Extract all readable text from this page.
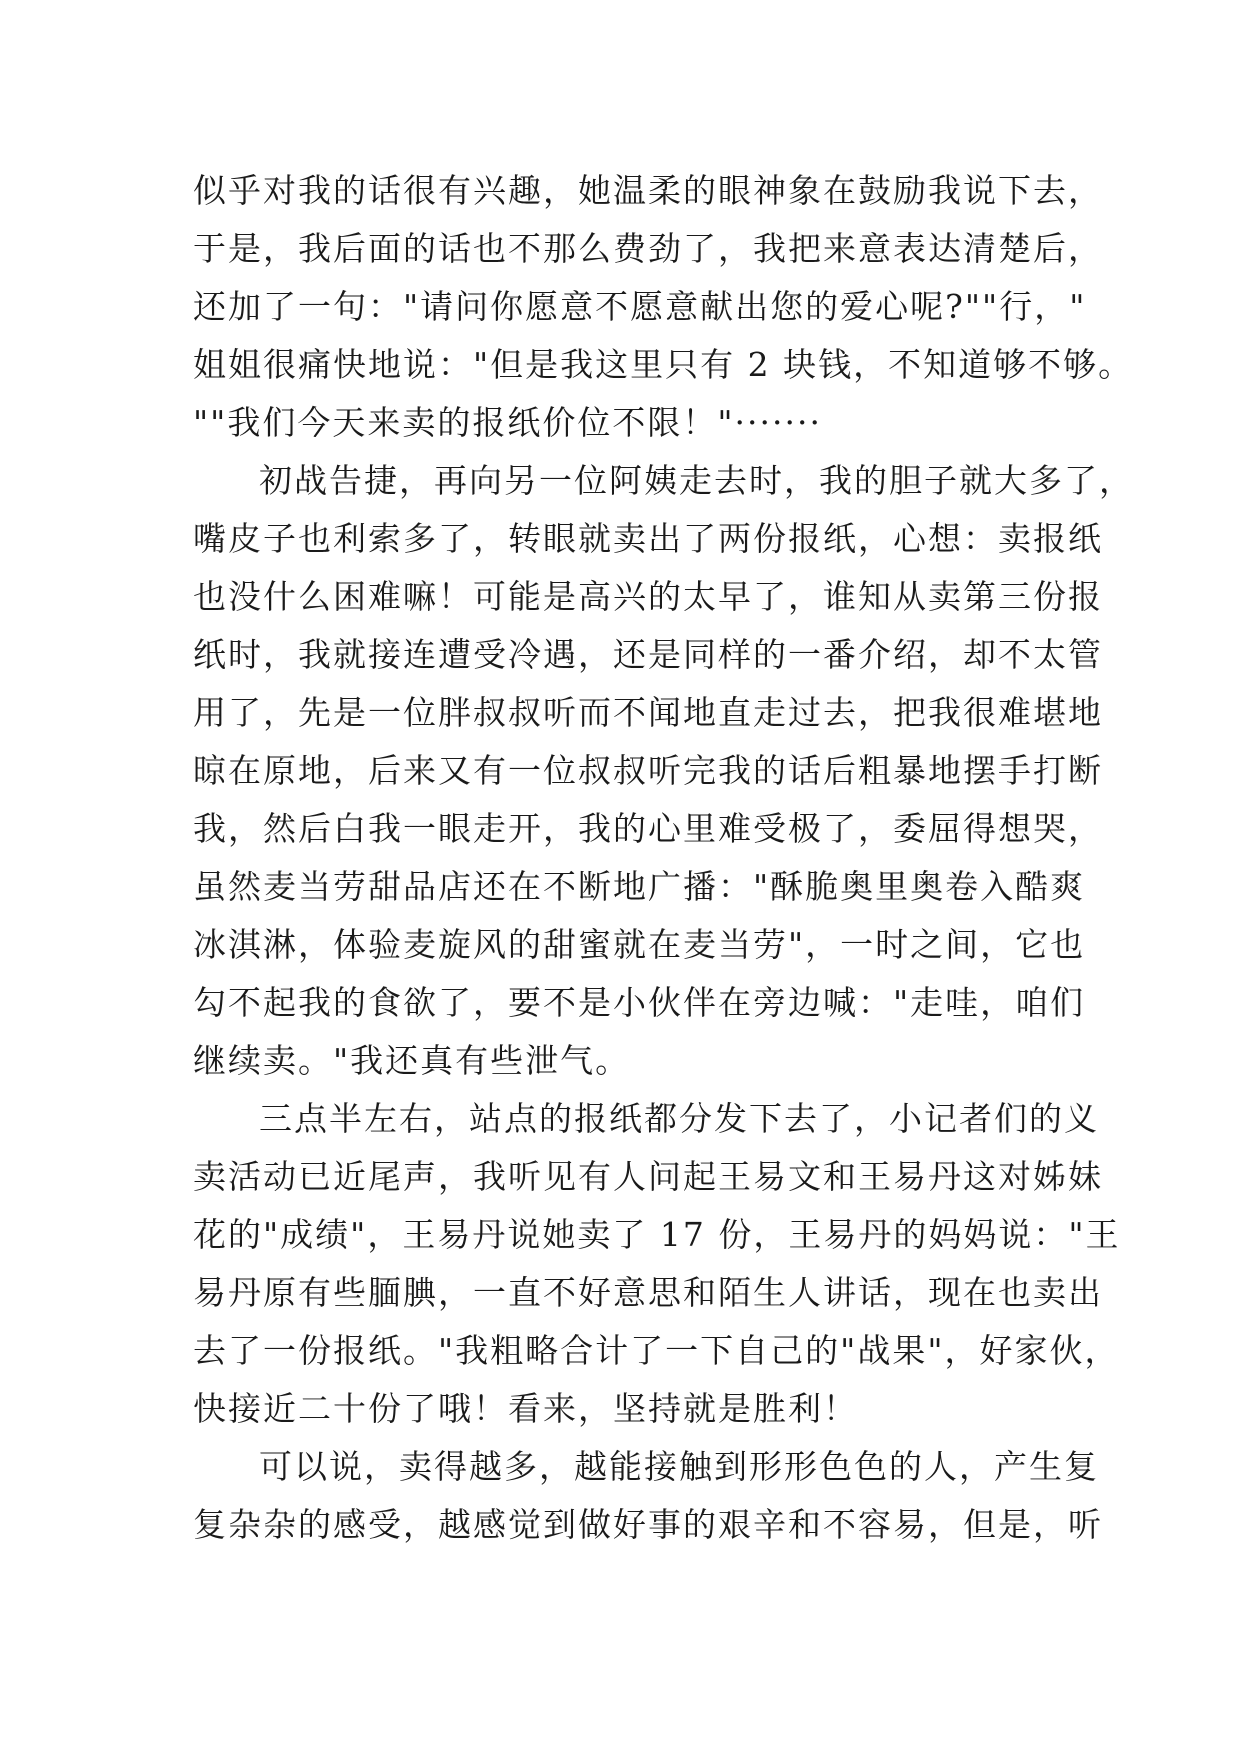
似乎对我的话很有兴趣，她温柔的眼神象在鼓励我说下去，
于是，我后面的话也不那么费劲了，我把来意表达清楚后，
还加了一句："请问你愿意不愿意献出您的爱心呢?""行，"
姐姐很痛快地说："但是我这里只有 2 块钱，不知道够不够。
""我们今天来卖的报纸价位不限！"·······
初战告捷，再向另一位阿姨走去时，我的胆子就大多了，
嘴皮子也利索多了，转眼就卖出了两份报纸，心想：卖报纸
也没什么困难嘛！可能是高兴的太早了，谁知从卖第三份报
纸时，我就接连遭受冷遇，还是同样的一番介绍，却不太管
用了，先是一位胖叔叔听而不闻地直走过去，把我很难堪地
晾在原地，后来又有一位叔叔听完我的话后粗暴地摆手打断
我，然后白我一眼走开，我的心里难受极了，委屈得想哭，
虽然麦当劳甜品店还在不断地广播："酥脆奥里奥卷入酷爽
冰淇淋，体验麦旋风的甜蜜就在麦当劳"，一时之间，它也
勾不起我的食欲了，要不是小伙伴在旁边喊："走哇，咱们
继续卖。"我还真有些泄气。
三点半左右，站点的报纸都分发下去了，小记者们的义
卖活动已近尾声，我听见有人问起王易文和王易丹这对姊妹
花的"成绩"，王易丹说她卖了 17 份，王易丹的妈妈说："王
易丹原有些腼腆，一直不好意思和陌生人讲话，现在也卖出
去了一份报纸。"我粗略合计了一下自己的"战果"，好家伙，
快接近二十份了哦！看来，坚持就是胜利！
可以说，卖得越多，越能接触到形形色色的人，产生复
复杂杂的感受，越感觉到做好事的艰辛和不容易，但是，听
